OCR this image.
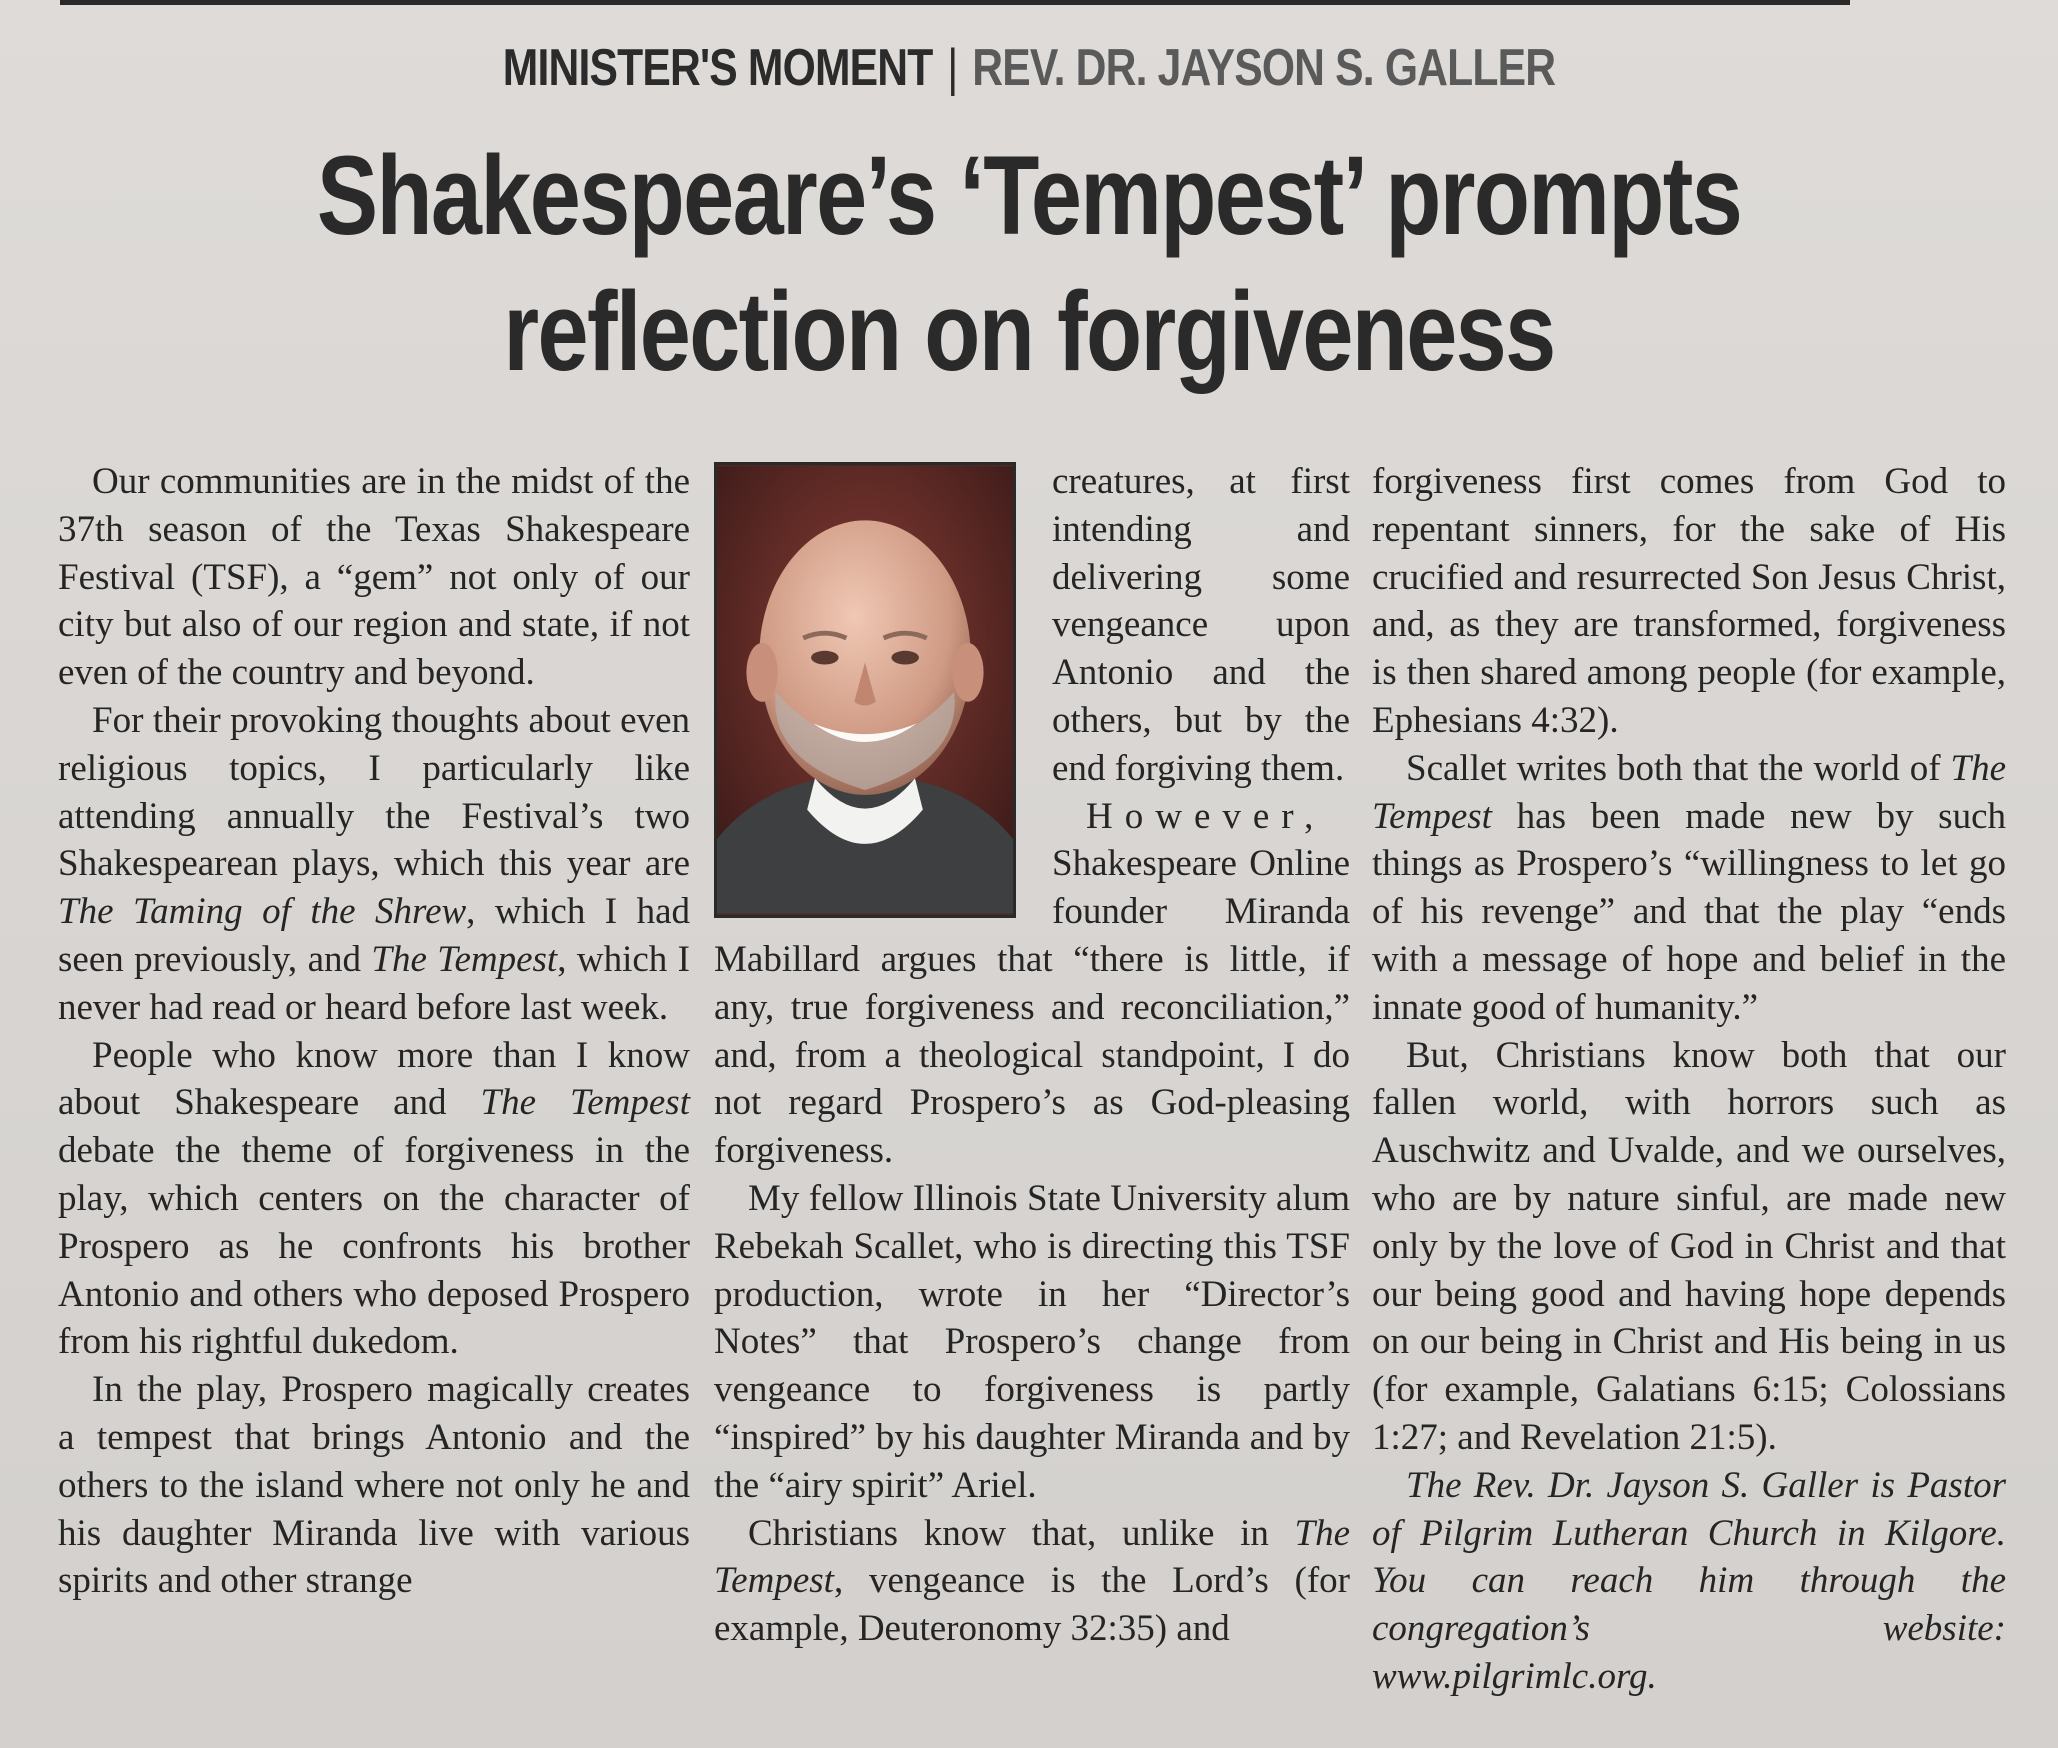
MINISTER'S MOMENT | REV. DR. JAYSON S. GALLER
Shakespeare’s ‘Tempest’ prompts
reflection on forgiveness

Our communities are in the midst of the 37th season of the Texas Shakespeare Festival (TSF), a “gem” not only of our city but also of our region and state, if not even of the country and beyond.

For their provoking thoughts about even religious topics, I particularly like attending annually the Festival’s two Shakespearean plays, which this year are The Taming of the Shrew, which I had seen previously, and The Tempest, which I never had read or heard before last week.

People who know more than I know about Shakespeare and The Tempest debate the theme of forgiveness in the play, which centers on the character of Prospero as he confronts his brother Antonio and others who deposed Prospero from his rightful dukedom.

In the play, Prospero magically creates a tempest that brings Antonio and the others to the island where not only he and his daughter Miranda live with various spirits and other strange

creatures, at first intending and delivering some vengeance upon Antonio and the others, but by the end forgiving them.

However, Shakespeare Online founder Miranda Mabillard argues that “there is little, if any, true forgiveness and reconciliation,” and, from a theological standpoint, I do not regard Prospero’s as God-pleasing forgiveness.

My fellow Illinois State University alum Rebekah Scallet, who is directing this TSF production, wrote in her “Director’s Notes” that Prospero’s change from vengeance to forgiveness is partly “inspired” by his daughter Miranda and by the “airy spirit” Ariel.

Christians know that, unlike in The Tempest, vengeance is the Lord’s (for example, Deuteronomy 32:35) and

forgiveness first comes from God to repentant sinners, for the sake of His crucified and resurrected Son Jesus Christ, and, as they are transformed, forgiveness is then shared among people (for example, Ephesians 4:32).

Scallet writes both that the world of The Tempest has been made new by such things as Prospero’s “willingness to let go of his revenge” and that the play “ends with a message of hope and belief in the innate good of humanity.”

But, Christians know both that our fallen world, with horrors such as Auschwitz and Uvalde, and we ourselves, who are by nature sinful, are made new only by the love of God in Christ and that our being good and having hope depends on our being in Christ and His being in us (for example, Galatians 6:15; Colossians 1:27; and Revelation 21:5).

The Rev. Dr. Jayson S. Galler is Pastor of Pilgrim Lutheran Church in Kilgore. You can reach him through the congregation’s website: www.pilgrimlc.org.
